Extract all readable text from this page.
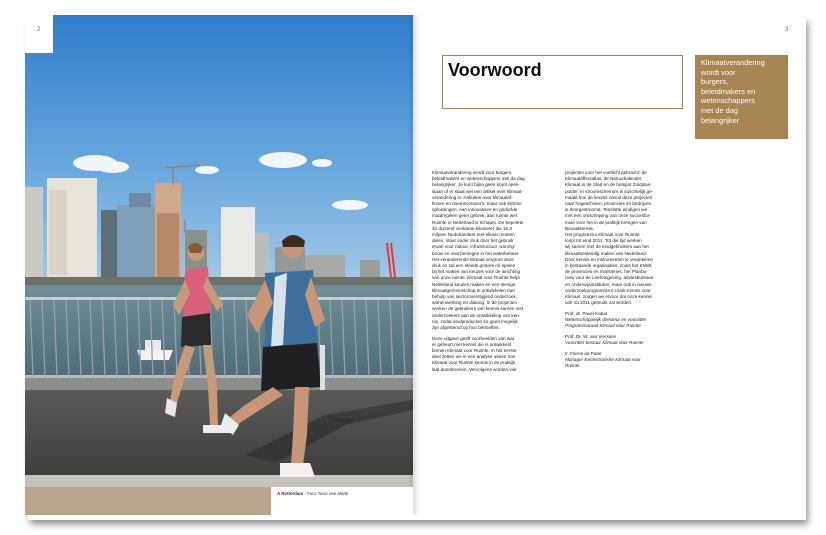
2
A Rotterdam · Foto: Noor van Marle
3
Voorwoord	Klimaatverandering
wordt voor
burgers,
beleidmakers en
wetenschappers
met de dag
belangrijker

Klimaatverandering wordt voor burgers,
beleidmakers en wetenschappers met de dag
belangrijker. Je kunt bijna geen krant open-
slaan of er staat wel een artikel over klimaat-
verandering in. Artikelen over klimaatef-
fecten en doemscenario's, maar ook slimme
oplossingen. Aan innovatieve en gedurfde
maatregelen geen gebrek, aan ruimte wel.
Ruimte in Nederland is schaars. De beperkte
42 duizend vierkante kilometer die 16,3
miljoen Nederlanders met elkaar moeten
delen, staat onder druk door het gebruik
ervan voor natuur, infrastructuur, woning-
bouw en voorzieningen in het waterbeheer.
Het veranderende klimaat vergroot deze
druk en zal een steeds grotere rol spelen
bij het maken van keuzes voor de inrichting
van onze ruimte. Klimaat voor Ruimte helpt
Nederland keuzes maken en een stevige
klimaatgemeenschap te ontwikkelen met
behulp van sectoroverstijgend onderzoek,
samenwerking en dialoog. In de projecten
werken de gebruikers van kennis samen met
onderzoekers aan de ontwikkeling van ken-
nis, zodat eindproducten zo goed mogelijk
zijn afgestemd op hun behoeftes.

Deze uitgave geeft voorbeelden van wat
er gebeurt met kennis die is ontwikkeld
binnen Klimaat voor Ruimte. In het eerste
deel zetten we in een analyse uiteen hoe
Klimaat voor Ruimte kennis in de praktijk
laat doorstromen. Vervolgens worden vier

projecten voor het voetlicht gebracht: de
Klimaateffectatlas, de Natuurkalender,
Klimaat in de Stad en de hotspot Zuidplas-
polder. In stroomschema's is inzichtelijk ge-
maakt hoe de kennis vanuit deze projecten
naar hogescholen, provincies en bedrijven
is doorgestroomd. Tenslotte eindigen we
met een omschrijving van onze succesfor-
mule voor het in de praktijk brengen van
klimaatkennis.

Het programma Klimaat voor Ruimte
loopt tot eind 2011. Tot die tijd werken
wij samen met de eindgebruikers aan het
klimaatbestendig maken van Nederland.
Door kennis en instrumenten te verankeren
in bestaande organisaties, zoals het KNMI,
de provincies en ministeries, het Planbu-
reau voor de Leefomgeving, adviesbureaus
en onderwijsinstituten, maar ook in nieuwe
onderzoekprogramma's zoals Kennis voor
Klimaat, zorgen we ervoor dat onze kennis
ook na 2011 gebruikt zal worden.

Prof. dr. Pavel Kabat
Wetenschappelijk directeur en voorzitter
Programmaraad Klimaat voor Ruimte
Prof. Dr. W. van Vierssen
Voorzitter bestuur Klimaat voor Ruimte
Ir. Florrie de Pater
Manager Kennistransfer Klimaat voor
Ruimte
